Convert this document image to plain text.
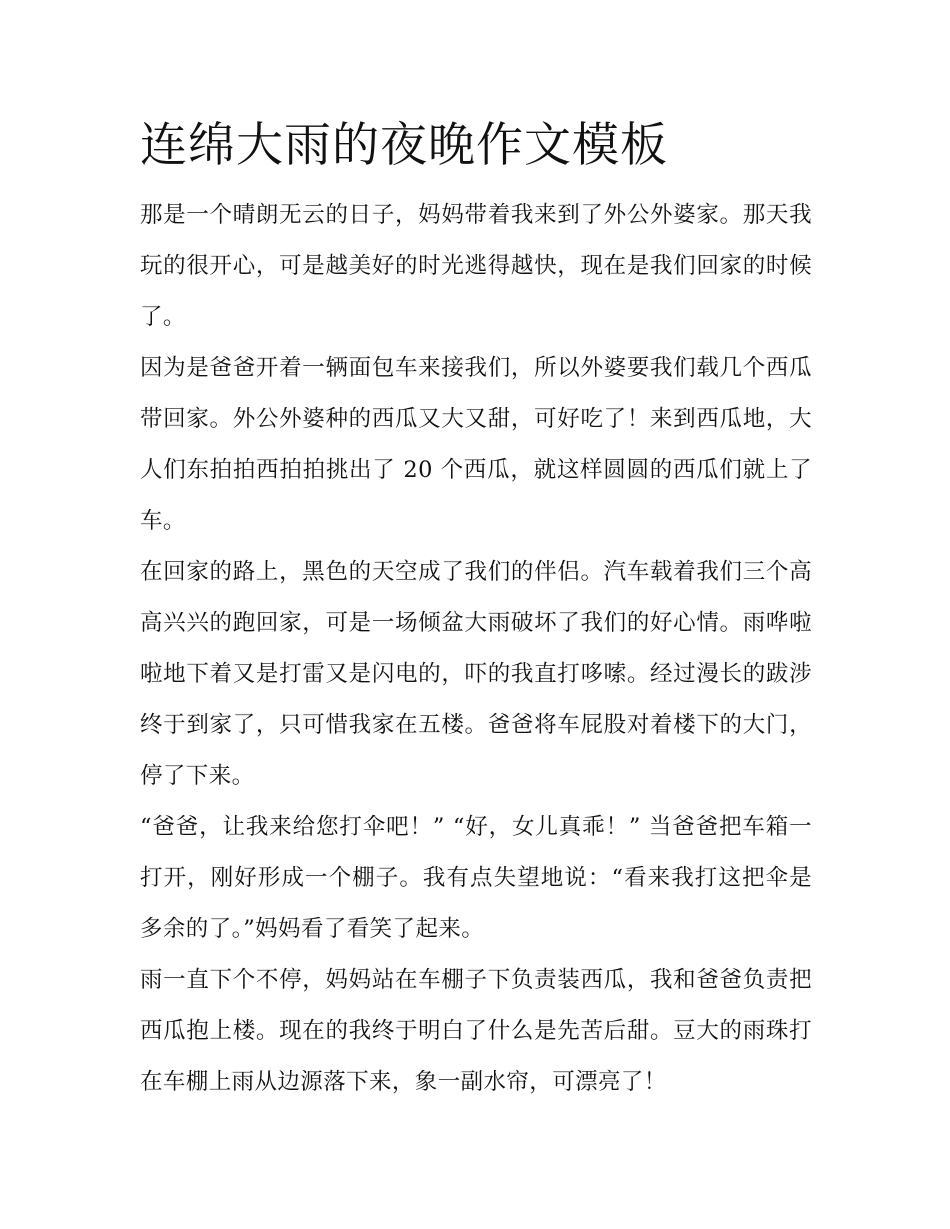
连绵大雨的夜晚作文模板

那是一个晴朗无云的日子，妈妈带着我来到了外公外婆家。那天我玩的很开心，可是越美好的时光逃得越快，现在是我们回家的时候了。

因为是爸爸开着一辆面包车来接我们，所以外婆要我们载几个西瓜带回家。外公外婆种的西瓜又大又甜，可好吃了！来到西瓜地，大人们东拍拍西拍拍挑出了 20 个西瓜，就这样圆圆的西瓜们就上了车。

在回家的路上，黑色的天空成了我们的伴侣。汽车载着我们三个高高兴兴的跑回家，可是一场倾盆大雨破坏了我们的好心情。雨哗啦啦地下着又是打雷又是闪电的，吓的我直打哆嗦。经过漫长的跋涉终于到家了，只可惜我家在五楼。爸爸将车屁股对着楼下的大门，停了下来。

“爸爸，让我来给您打伞吧！” “好，女儿真乖！” 当爸爸把车箱一打开，刚好形成一个棚子。我有点失望地说：“看来我打这把伞是多余的了。”妈妈看了看笑了起来。

雨一直下个不停，妈妈站在车棚子下负责装西瓜，我和爸爸负责把西瓜抱上楼。现在的我终于明白了什么是先苦后甜。豆大的雨珠打在车棚上雨从边源落下来，象一副水帘，可漂亮了！
